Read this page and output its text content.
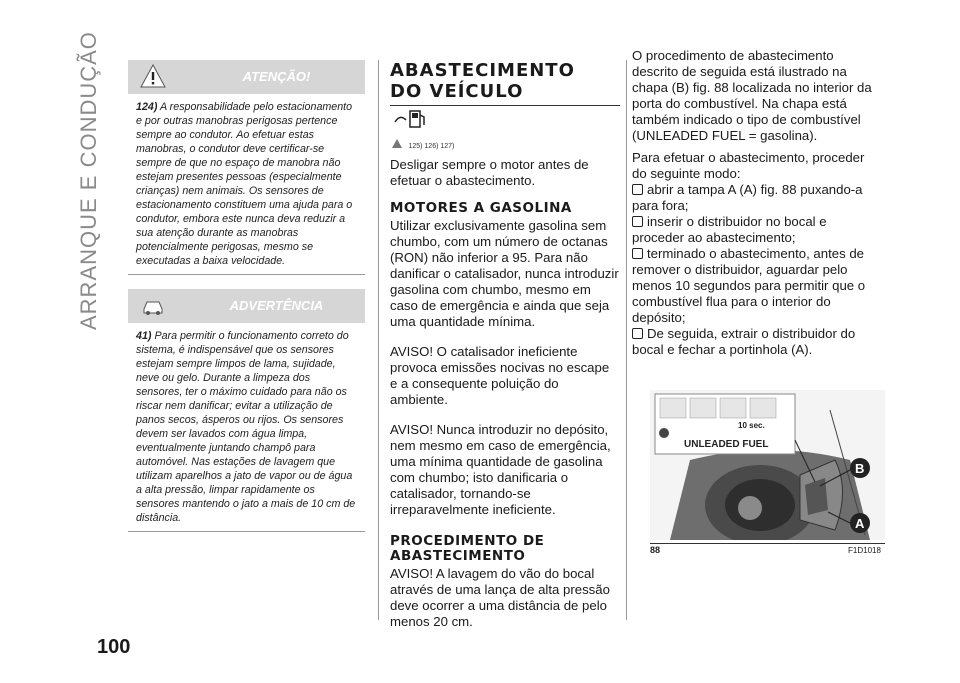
ARRANQUE E CONDUÇÃO
100
ATENÇÃO!
124) A responsabilidade pelo estacionamento e por outras manobras perigosas pertence sempre ao condutor. Ao efetuar estas manobras, o condutor deve certificar-se sempre de que no espaço de manobra não estejam presentes pessoas (especialmente crianças) nem animais. Os sensores de estacionamento constituem uma ajuda para o condutor, embora este nunca deva reduzir a sua atenção durante as manobras potencialmente perigosas, mesmo se executadas a baixa velocidade.
ADVERTÊNCIA
41) Para permitir o funcionamento correto do sistema, é indispensável que os sensores estejam sempre limpos de lama, sujidade, neve ou gelo. Durante a limpeza dos sensores, ter o máximo cuidado para não os riscar nem danificar; evitar a utilização de panos secos, ásperos ou rijos. Os sensores devem ser lavados com água limpa, eventualmente juntando champô para automóvel. Nas estações de lavagem que utilizam aparelhos a jato de vapor ou de água a alta pressão, limpar rapidamente os sensores mantendo o jato a mais de 10 cm de distância.
ABASTECIMENTO
DO VEÍCULO
125) 126) 127)

Desligar sempre o motor antes de efetuar o abastecimento.

MOTORES A GASOLINA

Utilizar exclusivamente gasolina sem chumbo, com um número de octanas (RON) não inferior a 95. Para não danificar o catalisador, nunca introduzir gasolina com chumbo, mesmo em caso de emergência e ainda que seja uma quantidade mínima.

AVISO! O catalisador ineficiente provoca emissões nocivas no escape e a consequente poluição do ambiente.

AVISO! Nunca introduzir no depósito, nem mesmo em caso de emergência, uma mínima quantidade de gasolina com chumbo; isto danificaria o catalisador, tornando-se irreparavelmente ineficiente.

PROCEDIMENTO DE
ABASTECIMENTO

AVISO! A lavagem do vão do bocal através de uma lança de alta pressão deve ocorrer a uma distância de pelo menos 20 cm.

O procedimento de abastecimento descrito de seguida está ilustrado na chapa (B) fig. 88 localizada no interior da porta do combustível. Na chapa está também indicado o tipo de combustível (UNLEADED FUEL = gasolina).

Para efetuar o abastecimento, proceder do seguinte modo:

abrir a tampa A (A) fig. 88 puxando-a para fora;

inserir o distribuidor no bocal e proceder ao abastecimento;

terminado o abastecimento, antes de remover o distribuidor, aguardar pelo menos 10 segundos para permitir que o combustível flua para o interior do depósito;

De seguida, extrair o distribuidor do bocal e fechar a portinhola (A).

10 sec.
UNLEADED FUEL
B
A
88	F1D1018
